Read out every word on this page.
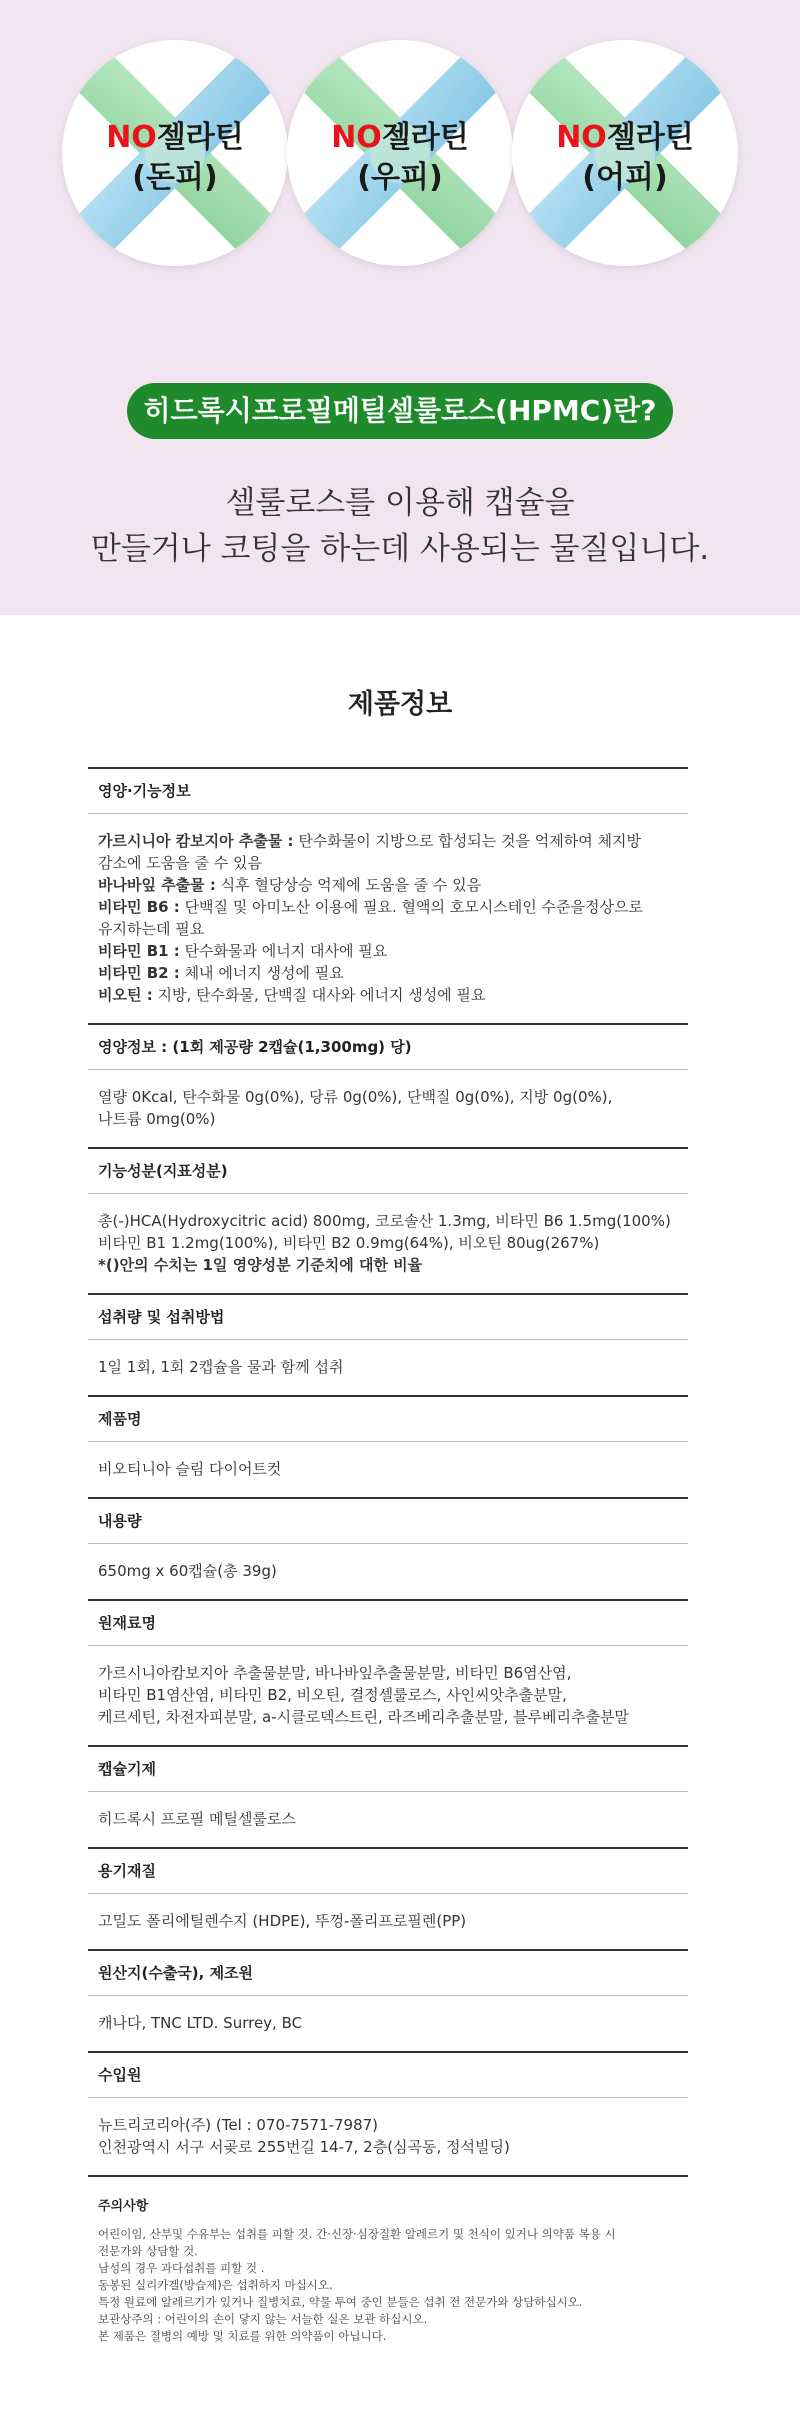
NO젤라틴
(돈피)
NO젤라틴
(우피)
NO젤라틴
(어피)
히드록시프로필메틸셀룰로스(HPMC)란?
셀룰로스를 이용해 캡슐을
만들거나 코팅을 하는데 사용되는 물질입니다.
제품정보
영양·기능정보
가르시니아 캄보지아 추출물 : 탄수화물이 지방으로 합성되는 것을 억제하여 체지방
감소에 도움을 줄 수 있음
바나바잎 추출물 : 식후 혈당상승 억제에 도움을 줄 수 있음
비타민 B6 : 단백질 및 아미노산 이용에 필요. 혈액의 호모시스테인 수준을정상으로
유지하는데 필요
비타민 B1 : 탄수화물과 에너지 대사에 필요
비타민 B2 : 체내 에너지 생성에 필요
비오틴 : 지방, 탄수화물, 단백질 대사와 에너지 생성에 필요
영양정보 : (1회 제공량 2캡슐(1,300mg) 당)
열량 0Kcal, 탄수화물 0g(0%), 당류 0g(0%), 단백질 0g(0%), 지방 0g(0%),
나트륨 0mg(0%)
기능성분(지표성분)
총(-)HCA(Hydroxycitric acid) 800mg, 코로솔산 1.3mg, 비타민 B6 1.5mg(100%)
비타민 B1 1.2mg(100%), 비타민 B2 0.9mg(64%), 비오틴 80ug(267%)
*()안의 수치는 1일 영양성분 기준치에 대한 비율
섭취량 및 섭취방법
1일 1회, 1회 2캡슐을 물과 함께 섭취
제품명
비오티니아 슬림 다이어트컷
내용량
650mg x 60캡슐(총 39g)
원재료명
가르시니아캄보지아 추출물분말, 바나바잎추출물분말, 비타민 B6염산염,
비타민 B1염산염, 비타민 B2, 비오틴, 결정셀룰로스, 사인씨앗추출분말,
케르세틴, 차전자피분말, a-시클로덱스트린, 라즈베리추출분말, 블루베리추출분말
캡슐기제
히드록시 프로필 메틸셀룰로스
용기재질
고밀도 폴리에틸렌수지 (HDPE), 뚜껑-폴리프로필렌(PP)
원산지(수출국), 제조원
캐나다, TNC LTD. Surrey, BC
수입원
뉴트리코리아(주) (Tel : 070-7571-7987)
인천광역시 서구 서곶로 255번길 14-7, 2층(심곡동, 정석빌딩)
주의사항
어린이임, 산부및 수유부는 섭취를 피할 것. 간·신장·심장질환 알레르기 및 천식이 있거나 의약품 복용 시
전문가와 상담할 것.
남성의 경우 과다섭취를 피할 것 .
동봉된 실리카겔(방습제)은 섭취하지 마십시오.
특정 원료에 알레르기가 있거나 질병치료, 약물 투여 중인 분들은 섭취 전 전문가와 상담하십시오.
보관상주의 : 어린이의 손이 닿지 않는 서늘한 실온 보관 하십시오.
본 제품은 질병의 예방 및 치료를 위한 의약품이 아닙니다.
